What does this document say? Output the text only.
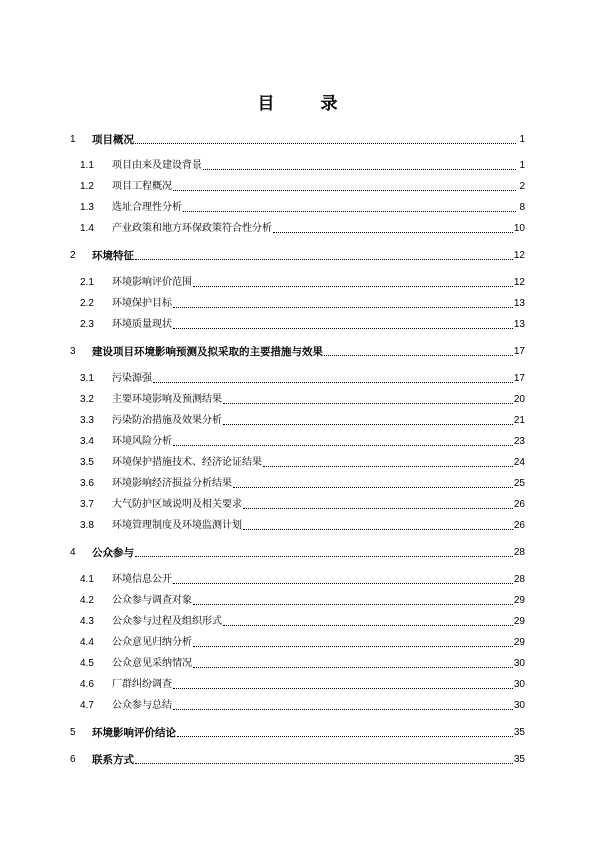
目 录
1	项目概况	1
1.1	项目由来及建设背景	1
1.2	项目工程概况	2
1.3	选址合理性分析	8
1.4	产业政策和地方环保政策符合性分析	10
2	环境特征	12
2.1	环境影响评价范围	12
2.2	环境保护目标	13
2.3	环境质量现状	13
3	建设项目环境影响预测及拟采取的主要措施与效果	17
3.1	污染源强	17
3.2	主要环境影响及预测结果	20
3.3	污染防治措施及效果分析	21
3.4	环境风险分析	23
3.5	环境保护措施技术、经济论证结果	24
3.6	环境影响经济损益分析结果	25
3.7	大气防护区域说明及相关要求	26
3.8	环境管理制度及环境监测计划	26
4	公众参与	28
4.1	环境信息公开	28
4.2	公众参与调查对象	29
4.3	公众参与过程及组织形式	29
4.4	公众意见归纳分析	29
4.5	公众意见采纳情况	30
4.6	厂群纠纷调查	30
4.7	公众参与总结	30
5	环境影响评价结论	35
6	联系方式	35
